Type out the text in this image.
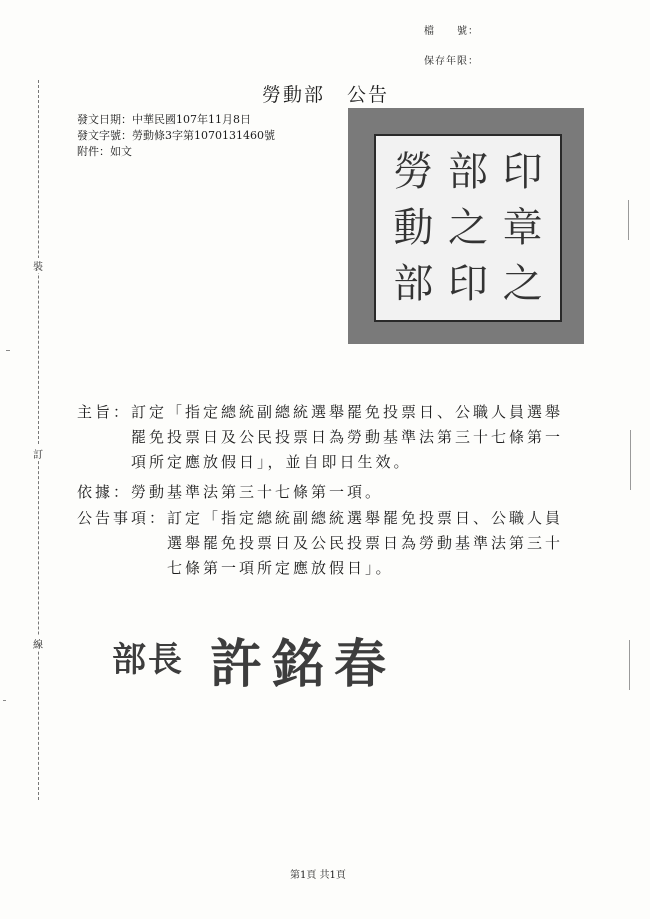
檔　　號：
保存年限：
勞動部 公告
發文日期：中華民國107年11月8日
發文字號：勞動條3字第1070131460號
附件：如文
裝
訂
線
勞 部 印
動 之 章
部 印 之
主旨： 訂定「指定總統副總統選舉罷免投票日、公職人員選舉
罷免投票日及公民投票日為勞動基準法第三十七條第一
項所定應放假日」，並自即日生效。
依據： 勞動基準法第三十七條第一項。
公告事項： 訂定「指定總統副總統選舉罷免投票日、公職人員
選舉罷免投票日及公民投票日為勞動基準法第三十
七條第一項所定應放假日」。
部長 許銘春
第1頁 共1頁
